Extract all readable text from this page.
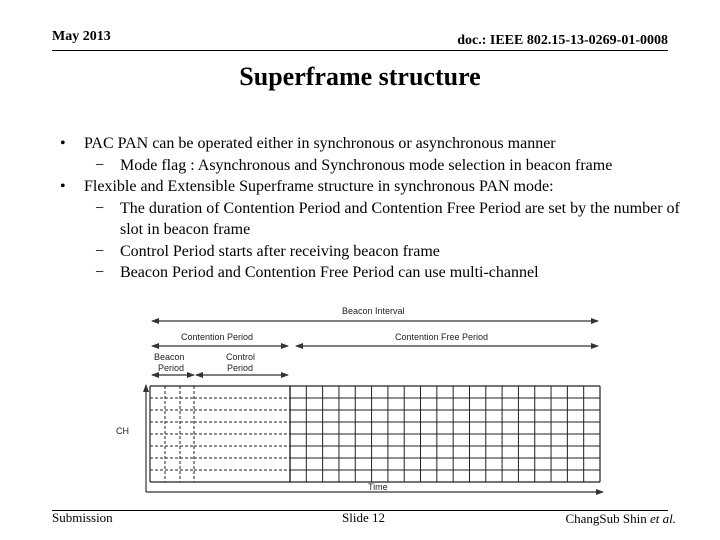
May 2013	doc.: IEEE 802.15-13-0269-01-0008
Superframe structure
• PAC PAN can be operated either in synchronous or asynchronous manner
− Mode flag : Asynchronous and Synchronous mode selection in beacon frame
• Flexible and Extensible Superframe structure in synchronous PAN mode:
− The duration of Contention Period and Contention Free Period are set by the number of slot in beacon frame
− Control Period starts after receiving beacon frame
− Beacon Period and Contention Free Period can use multi-channel
Beacon Interval
Contention Period	Contention Free Period
Beacon
Period
Control
Period
CH
Time
Submission	Slide 12	ChangSub Shin et al.
